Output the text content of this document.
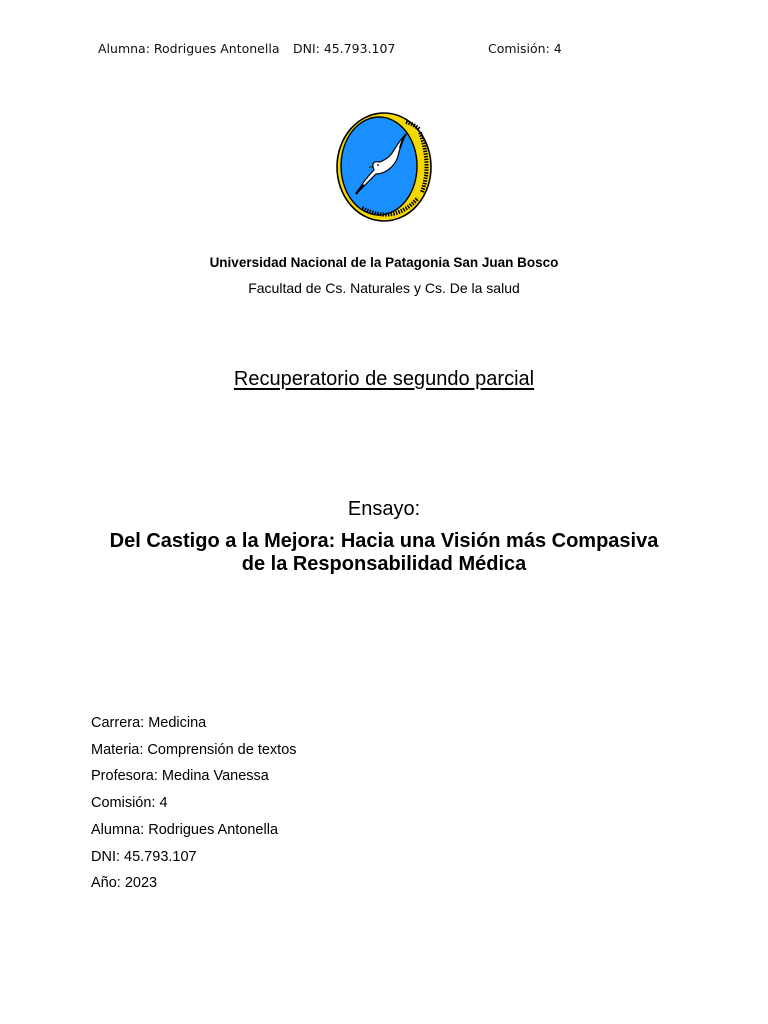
Alumna: Rodrigues Antonella DNI: 45.793.107	Comisión: 4
Universidad Nacional de la Patagonia San Juan Bosco
Facultad de Cs. Naturales y Cs. De la salud
Recuperatorio de segundo parcial
Ensayo:
Del Castigo a la Mejora: Hacia una Visión más Compasiva
de la Responsabilidad Médica
Carrera: Medicina
Materia: Comprensión de textos
Profesora: Medina Vanessa
Comisión: 4
Alumna: Rodrigues Antonella
DNI: 45.793.107
Año: 2023
